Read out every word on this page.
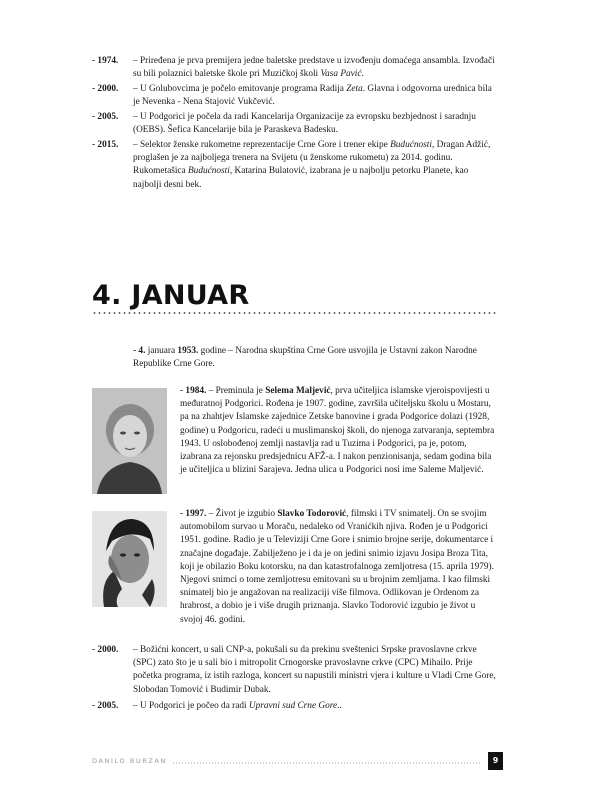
- 1974. – Priređena je prva premijera jedne baletske predstave u izvođenju domaćega ansambla. Izvođači su bili polaznici baletske škole pri Muzičkoj školi Vasa Pavić.
- 2000. – U Golubovcima je počelo emitovanje programa Radija Zeta. Glavna i odgovorna urednica bila je Nevenka - Nena Stajović Vukčević.
- 2005. – U Podgorici je počela da radi Kancelarija Organizacije za evropsku bezbjednost i saradnju (OEBS). Šefica Kancelarije bila je Paraskeva Badesku.
- 2015. – Selektor ženske rukometne reprezentacije Crne Gore i trener ekipe Budućnosti, Dragan Adžić, proglašen je za najboljega trenera na Svijetu (u ženskome rukometu) za 2014. godinu. Rukometašica Budućnosti, Katarina Bulatović, izabrana je u najbolju petorku Planete, kao najbolji desni bek.
4. JANUAR
- 4. januara 1953. godine – Narodna skupština Crne Gore usvojila je Ustavni zakon Narodne Republike Crne Gore.
- 1984. – Preminula je Selema Maljević, prva učiteljica islamske vjeroispovijesti u međuratnoj Podgorici. Rođena je 1907. godine, završila učiteljsku školu u Mostaru, pa na zhahtjev Islamske zajednice Zetske banovine i grada Podgorice dolazi (1928, godine) u Podgoricu, radeći u muslimanskoj školi, do njenoga zatvaranja, septembra 1943. U oslobođenoj zemlji nastavlja rad u Tuzima i Podgorici, pa je, potom, izabrana za rejonsku predsjednicu AFŽ-a. I nakon penzionisanja, sedam godina bila je učiteljica u blizini Sarajeva. Jedna ulica u Podgorici nosi ime Saleme Maljević.
- 1997. – Život je izgubio Slavko Todorović, filmski i TV snimatelj. On se svojim automobilom survao u Moraču, nedaleko od Vranićkih njiva. Rođen je u Podgorici 1951. godine. Radio je u Televiziji Crne Gore i snimio brojne serije, dokumentarce i značajne događaje. Zabilježeno je i da je on jedini snimio izjavu Josipa Broza Tita, koji je obilazio Boku kotorsku, na dan katastrofalnoga zemljotresa (15. aprila 1979). Njegovi snimci o tome zemljotresu emitovani su u brojnim zemljama. I kao filmski snimatelj bio je angažovan na realizaciji više filmova. Odlikovan je Ordenom za hrabrost, a dobio je i više drugih priznanja. Slavko Todorović izgubio je život u svojoj 46. godini.
- 2000. – Božićni koncert, u sali CNP-a, pokušali su da prekinu sveštenici Srpske pravoslavne crkve (SPC) zato što je u sali bio i mitropolit Crnogorske pravoslavne crkve (CPC) Mihailo. Prije početka programa, iz istih razloga, koncert su napustili ministri vjera i kulture u Vladi Crne Gore, Slobodan Tomović i Budimir Dubak.
- 2005. – U Podgorici je počeo da radi Upravni sud Crne Gore..
DANILO BURZAN	9
